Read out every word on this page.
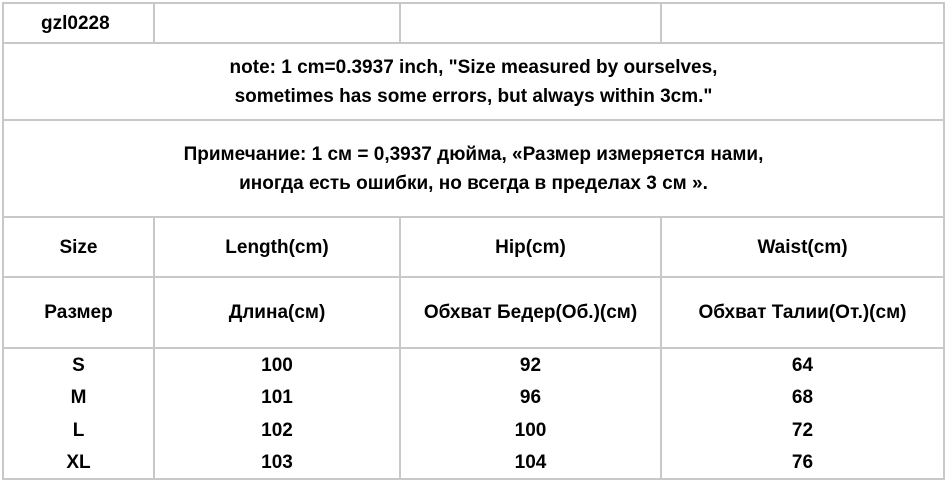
gzl0228			

note: 1 cm=0.3937 inch, "Size measured by ourselves,
sometimes has some errors, but always within 3cm."			

Примечание: 1 см = 0,3937 дюйма, «Размер измеряется нами,
иногда есть ошибки, но всегда в пределах 3 см ».			

Size	Length(cm)	Hip(cm)	Waist(cm)
Размер	Длина(см)	Обхват Бедер(Об.)(см)	Обхват Талии(От.)(см)
S	100	92	64
M	101	96	68
L	102	100	72
XL	103	104	76
